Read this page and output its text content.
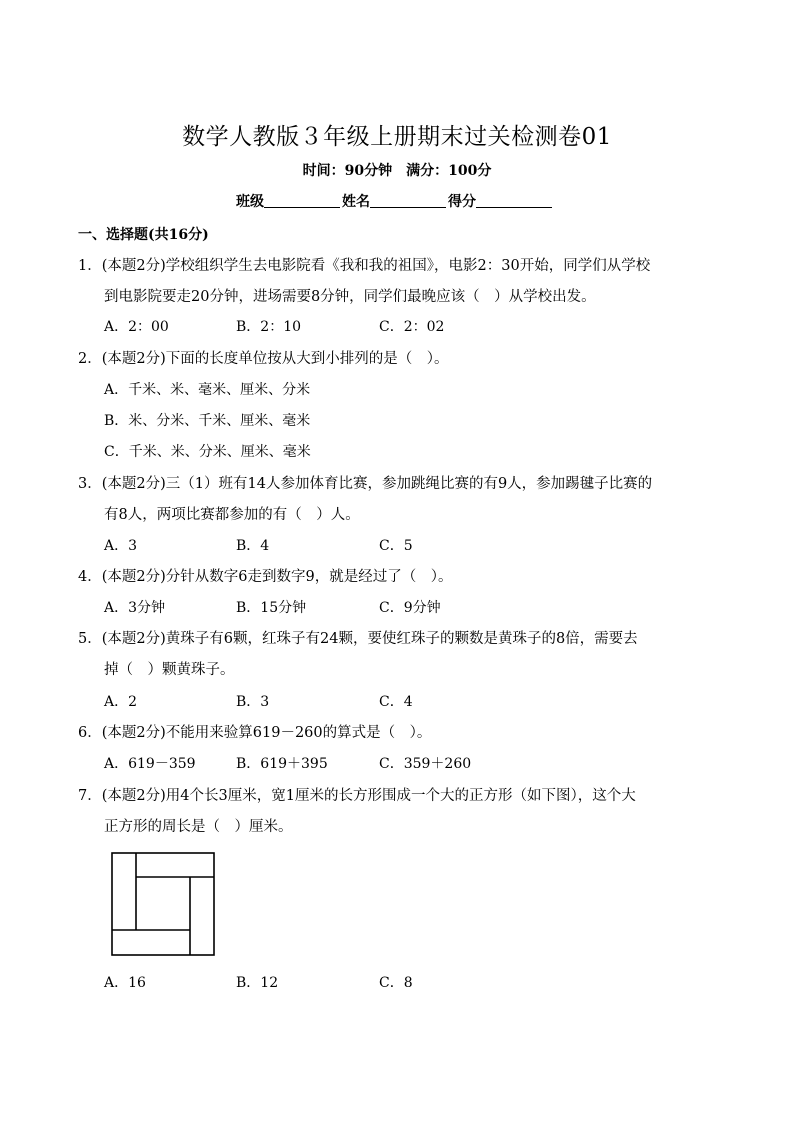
数学人教版３年级上册期末过关检测卷01
时间：90分钟 满分：100分
班级	姓名	得分
一、选择题(共16分)
1．(本题2分)学校组织学生去电影院看《我和我的祖国》，电影2：30开始，同学们从学校
到电影院要走20分钟，进场需要8分钟，同学们最晚应该（　）从学校出发。
A．2：00	B．2：10	C．2：02
2．(本题2分)下面的长度单位按从大到小排列的是（　）。
A．千米、米、毫米、厘米、分米
B．米、分米、千米、厘米、毫米
C．千米、米、分米、厘米、毫米
3．(本题2分)三（1）班有14人参加体育比赛，参加跳绳比赛的有9人，参加踢毽子比赛的
有8人，两项比赛都参加的有（　）人。
A．3	B．4	C．5
4．(本题2分)分针从数字6走到数字9，就是经过了（　）。
A．3分钟	B．15分钟	C．9分钟
5．(本题2分)黄珠子有6颗，红珠子有24颗，要使红珠子的颗数是黄珠子的8倍，需要去
掉（　）颗黄珠子。
A．2	B．3	C．4
6．(本题2分)不能用来验算619－260的算式是（　）。
A．619－359	B．619＋395	C．359＋260
7．(本题2分)用4个长3厘米，宽1厘米的长方形围成一个大的正方形（如下图），这个大
正方形的周长是（　）厘米。
A．16	B．12	C．8
